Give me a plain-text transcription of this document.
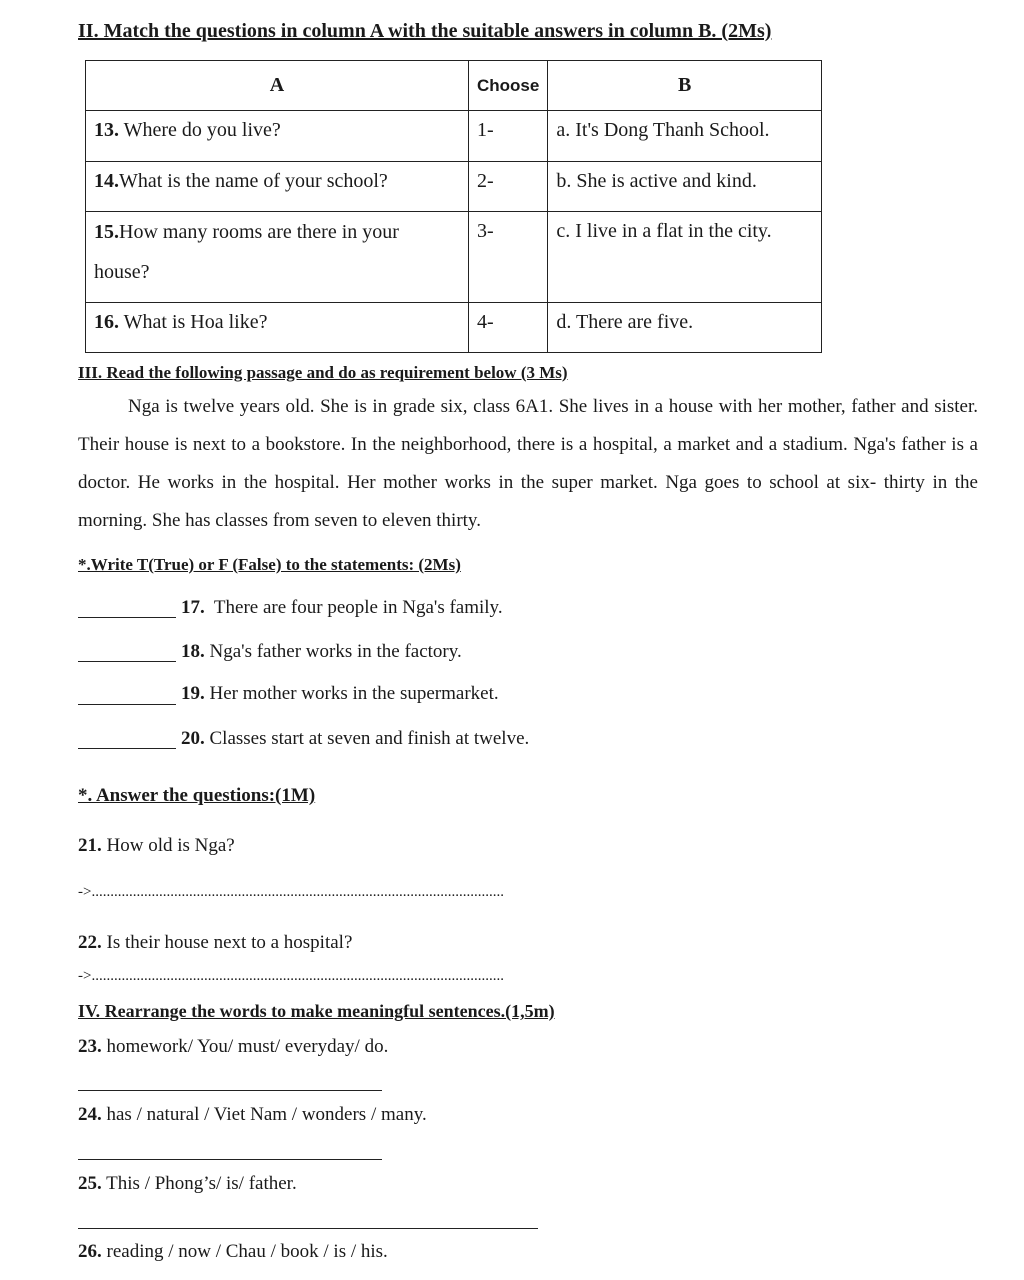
II. Match the questions in column A with the suitable answers in column B. (2Ms)
A	Choose	B
13. Where do you live?	1-	a. It's Dong Thanh School.
14.What is the name of your school?	2-	b. She is active and kind.

15.How many rooms are there in your
house?	3-	c. I live in a flat in the city.
16. What is Hoa like?	4-	d. There are five.
III. Read the following passage and do as requirement below (3 Ms)
Nga is twelve years old. She is in grade six, class 6A1. She lives in a house with her mother, father and sister. Their house is next to a bookstore. In the neighborhood, there is a hospital, a market and a stadium. Nga's father is a doctor. He works in the hospital. Her mother works in the super market. Nga goes to school at six- thirty in the morning. She has classes from seven to eleven thirty.
*.Write T(True) or F (False) to the statements: (2Ms)
17. There are four people in Nga's family.
18. Nga's father works in the factory.
19. Her mother works in the supermarket.
20. Classes start at seven and finish at twelve.
*. Answer the questions:(1M)
21. How old is Nga?
->..............................................................................................................
22. Is their house next to a hospital?
->..............................................................................................................
IV. Rearrange the words to make meaningful sentences.(1,5m)
23. homework/ You/ must/ everyday/ do.
24. has / natural / Viet Nam / wonders / many.
25. This / Phong’s/ is/ father.
26. reading / now / Chau / book / is / his.
